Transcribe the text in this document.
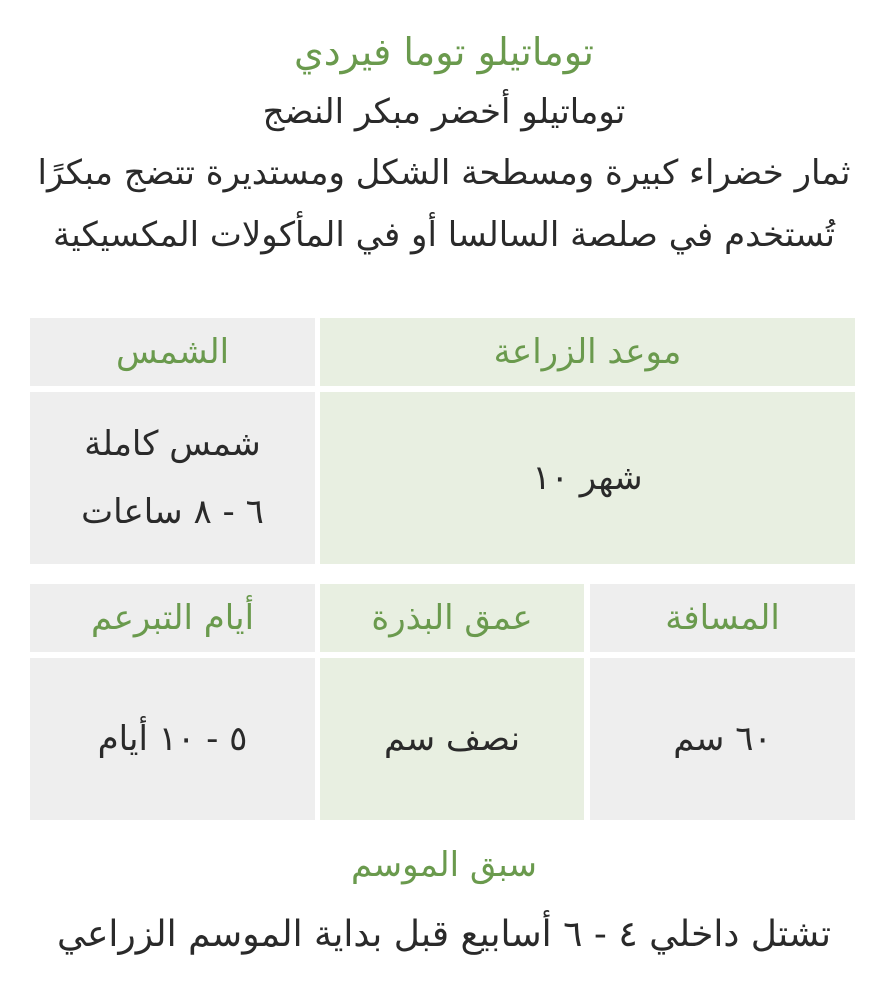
توماتيلو توما فيردي

توماتيلو أخضر مبكر النضج

ثمار خضراء كبيرة ومسطحة الشكل ومستديرة تتضج مبكرًا

تُستخدم في صلصة السالسا أو في المأكولات المكسيكية

موعد الزراعة
الشمس
شهر ١٠
شمس كاملة
٦ - ٨ ساعات
المسافة
عمق البذرة
أيام التبرعم
٦٠ سم
نصف سم
٥ - ١٠ أيام
سبق الموسم
تشتل داخلي ٤ - ٦ أسابيع قبل بداية الموسم الزراعي
